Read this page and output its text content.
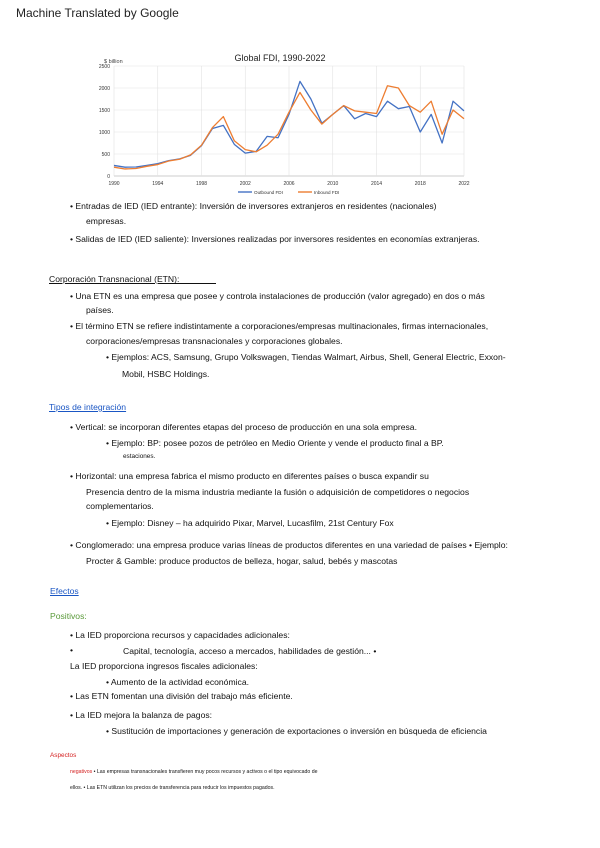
Machine Translated by Google
Global FDI, 1990-2022
$ billion
0
500
1000
1500
2000
2500
1990	1994	1998	2002	2006	2010	2014	2018	2022
Outbound FDI	Inbound FDI
• Entradas de IED (IED entrante): Inversión de inversores extranjeros en residentes (nacionales)
empresas.
• Salidas de IED (IED saliente): Inversiones realizadas por inversores residentes en economías extranjeras.
Corporación Transnacional (ETN):
• Una ETN es una empresa que posee y controla instalaciones de producción (valor agregado) en dos o más
países.
• El término ETN se refiere indistintamente a corporaciones/empresas multinacionales, firmas internacionales,
corporaciones/empresas transnacionales y corporaciones globales.
• Ejemplos: ACS, Samsung, Grupo Volkswagen, Tiendas Walmart, Airbus, Shell, General Electric, Exxon-
Mobil, HSBC Holdings.
Tipos de integración
• Vertical: se incorporan diferentes etapas del proceso de producción en una sola empresa.
• Ejemplo: BP: posee pozos de petróleo en Medio Oriente y vende el producto final a BP.
estaciones.
• Horizontal: una empresa fabrica el mismo producto en diferentes países o busca expandir su
Presencia dentro de la misma industria mediante la fusión o adquisición de competidores o negocios
complementarios.
• Ejemplo: Disney – ha adquirido Pixar, Marvel, Lucasfilm, 21st Century Fox
• Conglomerado: una empresa produce varias líneas de productos diferentes en una variedad de países • Ejemplo:
Procter & Gamble: produce productos de belleza, hogar, salud, bebés y mascotas
Efectos
Positivos:
• La IED proporciona recursos y capacidades adicionales:
•	Capital, tecnología, acceso a mercados, habilidades de gestión... •
La IED proporciona ingresos fiscales adicionales:
• Aumento de la actividad económica.
• Las ETN fomentan una división del trabajo más eficiente.
• La IED mejora la balanza de pagos:
• Sustitución de importaciones y generación de exportaciones o inversión en búsqueda de eficiencia
Aspectos
negativos • Las empresas transnacionales transfieren muy pocos recursos y activos o el tipo equivocado de
ellos. • Las ETN utilizan los precios de transferencia para reducir los impuestos pagados.
